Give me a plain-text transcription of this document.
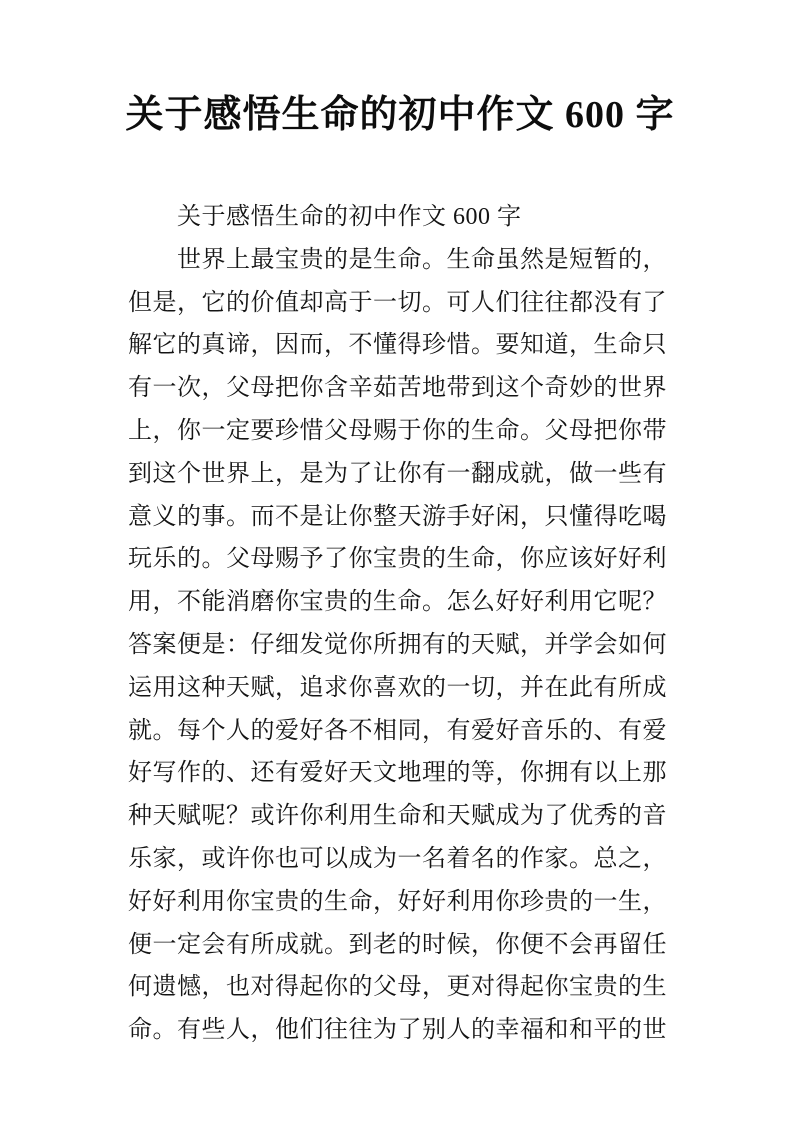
关于感悟生命的初中作文 600 字
　　关于感悟生命的初中作文 600 字
　　世界上最宝贵的是生命。生命虽然是短暂的，
但是，它的价值却高于一切。可人们往往都没有了
解它的真谛，因而，不懂得珍惜。要知道，生命只
有一次，父母把你含辛茹苦地带到这个奇妙的世界
上，你一定要珍惜父母赐于你的生命。父母把你带
到这个世界上，是为了让你有一翻成就，做一些有
意义的事。而不是让你整天游手好闲，只懂得吃喝
玩乐的。父母赐予了你宝贵的生命，你应该好好利
用，不能消磨你宝贵的生命。怎么好好利用它呢？
答案便是：仔细发觉你所拥有的天赋，并学会如何
运用这种天赋，追求你喜欢的一切，并在此有所成
就。每个人的爱好各不相同，有爱好音乐的、有爱
好写作的、还有爱好天文地理的等，你拥有以上那
种天赋呢？或许你利用生命和天赋成为了优秀的音
乐家，或许你也可以成为一名着名的作家。总之，
好好利用你宝贵的生命，好好利用你珍贵的一生，
便一定会有所成就。到老的时候，你便不会再留任
何遗憾，也对得起你的父母，更对得起你宝贵的生
命。有些人，他们往往为了别人的幸福和和平的世
